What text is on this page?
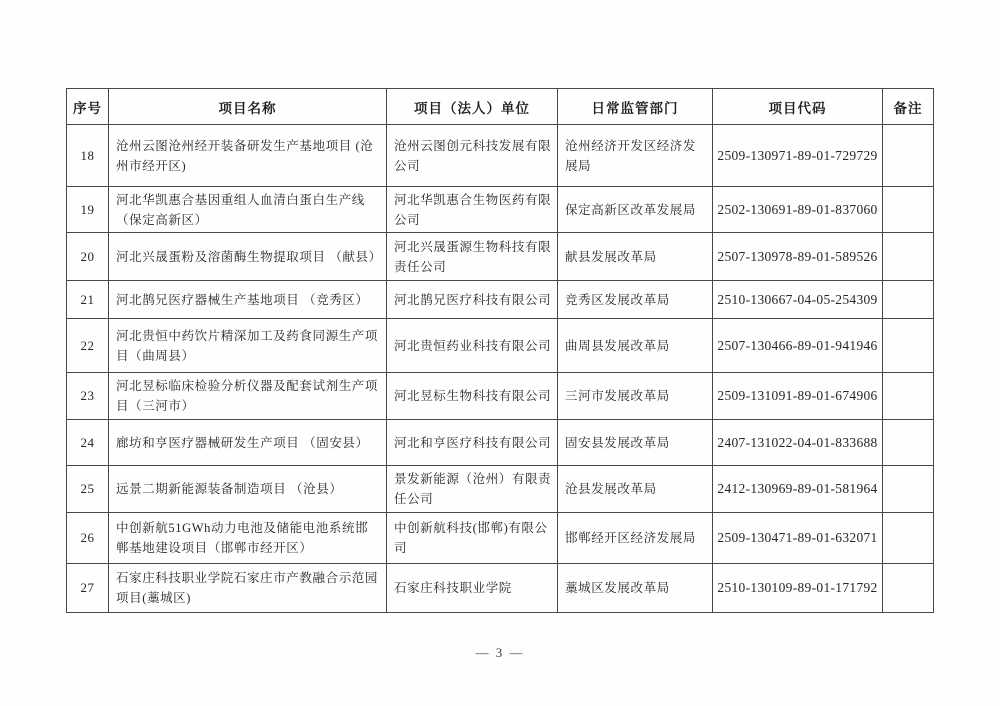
序号	项目名称	项目（法人）单位	日常监管部门	项目代码	备注
18	沧州云图沧州经开装备研发生产基地项目 (沧州市经开区)	沧州云图创元科技发展有限公司	沧州经济开发区经济发展局	2509-130971-89-01-729729	
19	河北华凯惠合基因重组人血清白蛋白生产线（保定高新区）	河北华凯惠合生物医药有限公司	保定高新区改革发展局	2502-130691-89-01-837060	
20	河北兴晟蛋粉及溶菌酶生物提取项目 （献县）	河北兴晟蛋源生物科技有限责任公司	献县发展改革局	2507-130978-89-01-589526	
21	河北鹊兄医疗器械生产基地项目 （竞秀区）	河北鹊兄医疗科技有限公司	竞秀区发展改革局	2510-130667-04-05-254309	
22	河北贵恒中药饮片精深加工及药食同源生产项目（曲周县）	河北贵恒药业科技有限公司	曲周县发展改革局	2507-130466-89-01-941946	
23	河北昱标临床检验分析仪器及配套试剂生产项目（三河市）	河北昱标生物科技有限公司	三河市发展改革局	2509-131091-89-01-674906	
24	廊坊和亨医疗器械研发生产项目 （固安县）	河北和亨医疗科技有限公司	固安县发展改革局	2407-131022-04-01-833688	
25	远景二期新能源装备制造项目 （沧县）	景发新能源（沧州）有限责任公司	沧县发展改革局	2412-130969-89-01-581964	
26	中创新航51GWh动力电池及储能电池系统邯郸基地建设项目（邯郸市经开区）	中创新航科技(邯郸)有限公司	邯郸经开区经济发展局	2509-130471-89-01-632071	
27	石家庄科技职业学院石家庄市产教融合示范园项目(藁城区)	石家庄科技职业学院	藁城区发展改革局	2510-130109-89-01-171792	
— 3 —
